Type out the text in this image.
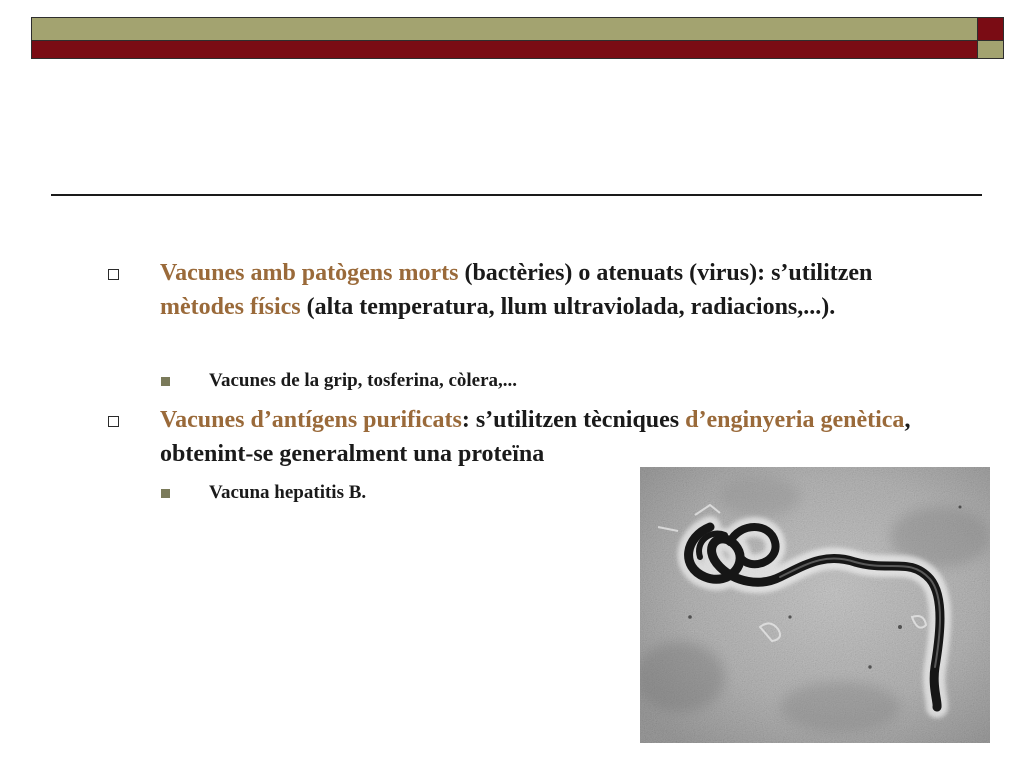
Vacunes amb patògens morts (bactèries) o atenuats (virus): s’utilitzen mètodes físics (alta temperatura, llum ultraviolada, radiacions,...).
Vacunes de la grip, tosferina, còlera,...
Vacunes d’antígens purificats: s’utilitzen tècniques d’enginyeria genètica, obtenint-se generalment una proteïna
Vacuna hepatitis B.
